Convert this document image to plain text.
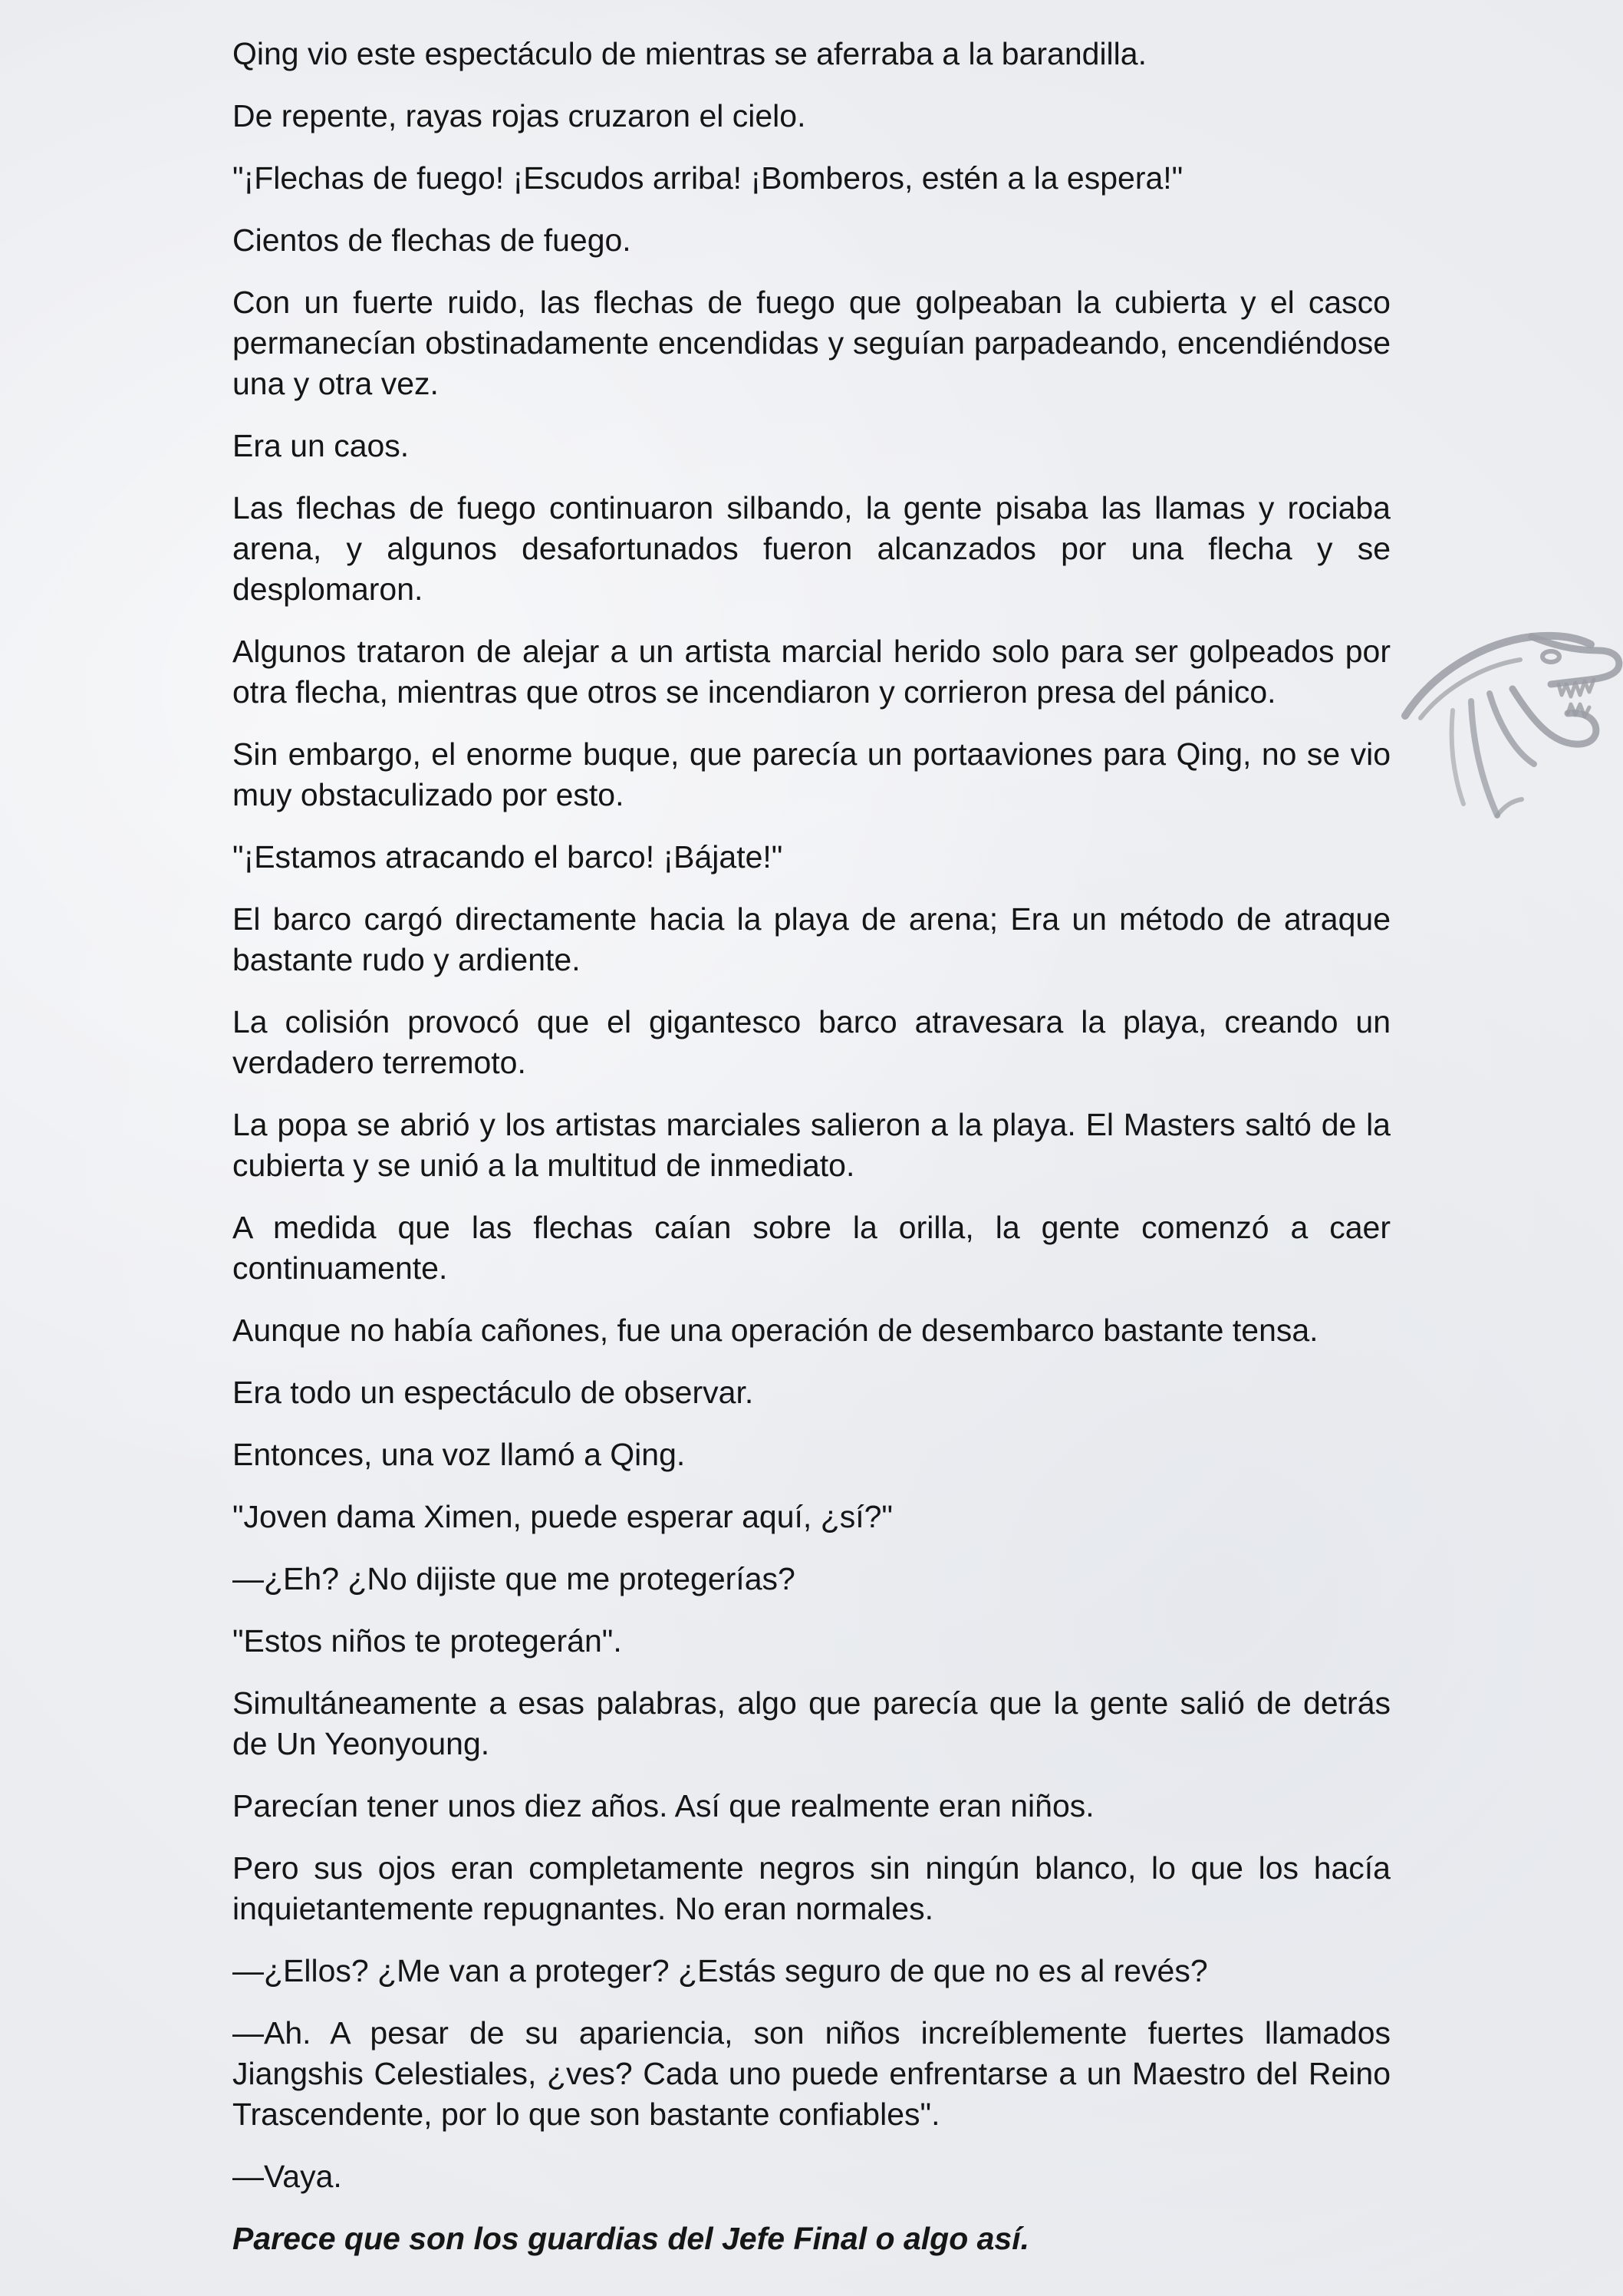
Qing vio este espectáculo de mientras se aferraba a la barandilla.

De repente, rayas rojas cruzaron el cielo.

"¡Flechas de fuego! ¡Escudos arriba! ¡Bomberos, estén a la espera!"

Cientos de flechas de fuego.

Con un fuerte ruido, las flechas de fuego que golpeaban la cubierta y el casco permanecían obstinadamente encendidas y seguían parpadeando, encendiéndose una y otra vez.

Era un caos.

Las flechas de fuego continuaron silbando, la gente pisaba las llamas y rociaba arena, y algunos desafortunados fueron alcanzados por una flecha y se desplomaron.

Algunos trataron de alejar a un artista marcial herido solo para ser golpeados por otra flecha, mientras que otros se incendiaron y corrieron presa del pánico.

Sin embargo, el enorme buque, que parecía un portaaviones para Qing, no se vio muy obstaculizado por esto.

"¡Estamos atracando el barco! ¡Bájate!"

El barco cargó directamente hacia la playa de arena; Era un método de atraque bastante rudo y ardiente.

La colisión provocó que el gigantesco barco atravesara la playa, creando un verdadero terremoto.

La popa se abrió y los artistas marciales salieron a la playa. El Masters saltó de la cubierta y se unió a la multitud de inmediato.

A medida que las flechas caían sobre la orilla, la gente comenzó a caer continuamente.

Aunque no había cañones, fue una operación de desembarco bastante tensa.

Era todo un espectáculo de observar.

Entonces, una voz llamó a Qing.

"Joven dama Ximen, puede esperar aquí, ¿sí?"

—¿Eh? ¿No dijiste que me protegerías?

"Estos niños te protegerán".

Simultáneamente a esas palabras, algo que parecía que la gente salió de detrás de Un Yeonyoung.

Parecían tener unos diez años. Así que realmente eran niños.

Pero sus ojos eran completamente negros sin ningún blanco, lo que los hacía inquietantemente repugnantes. No eran normales.

—¿Ellos? ¿Me van a proteger? ¿Estás seguro de que no es al revés?

—Ah. A pesar de su apariencia, son niños increíblemente fuertes llamados Jiangshis Celestiales, ¿ves? Cada uno puede enfrentarse a un Maestro del Reino Trascendente, por lo que son bastante confiables".

—Vaya.

Parece que son los guardias del Jefe Final o algo así.
